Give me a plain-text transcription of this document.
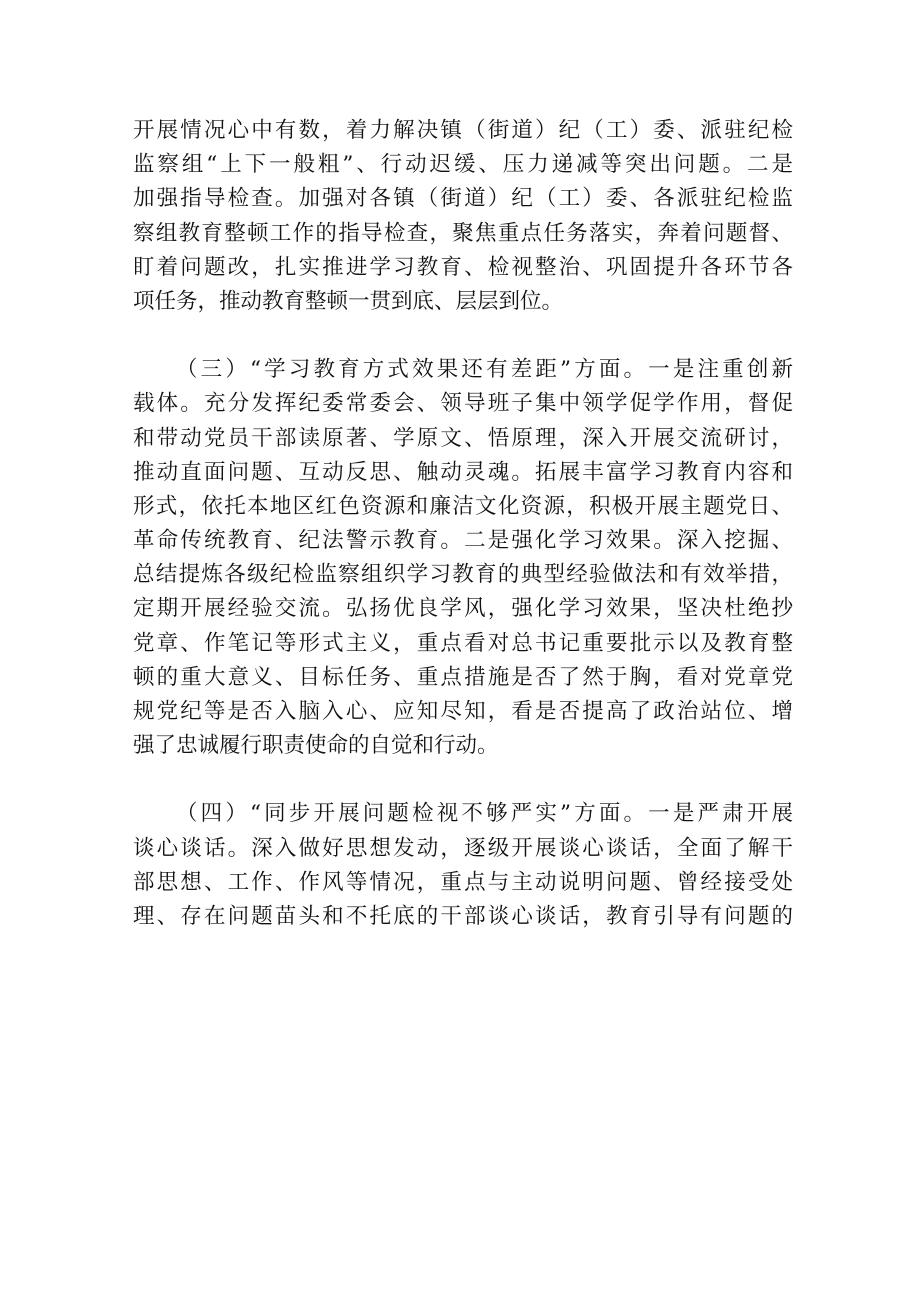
开展情况心中有数，着力解决镇（街道）纪（工）委、派驻纪检
监察组“上下一般粗”、行动迟缓、压力递减等突出问题。二是
加强指导检查。加强对各镇（街道）纪（工）委、各派驻纪检监
察组教育整顿工作的指导检查，聚焦重点任务落实，奔着问题督、
盯着问题改，扎实推进学习教育、检视整治、巩固提升各环节各
项任务，推动教育整顿一贯到底、层层到位。
（三）“学习教育方式效果还有差距”方面。一是注重创新
载体。充分发挥纪委常委会、领导班子集中领学促学作用，督促
和带动党员干部读原著、学原文、悟原理，深入开展交流研讨，
推动直面问题、互动反思、触动灵魂。拓展丰富学习教育内容和
形式，依托本地区红色资源和廉洁文化资源，积极开展主题党日、
革命传统教育、纪法警示教育。二是强化学习效果。深入挖掘、
总结提炼各级纪检监察组织学习教育的典型经验做法和有效举措，
定期开展经验交流。弘扬优良学风，强化学习效果，坚决杜绝抄
党章、作笔记等形式主义，重点看对总书记重要批示以及教育整
顿的重大意义、目标任务、重点措施是否了然于胸，看对党章党
规党纪等是否入脑入心、应知尽知，看是否提高了政治站位、增
强了忠诚履行职责使命的自觉和行动。
（四）“同步开展问题检视不够严实”方面。一是严肃开展
谈心谈话。深入做好思想发动，逐级开展谈心谈话，全面了解干
部思想、工作、作风等情况，重点与主动说明问题、曾经接受处
理、存在问题苗头和不托底的干部谈心谈话，教育引导有问题的
